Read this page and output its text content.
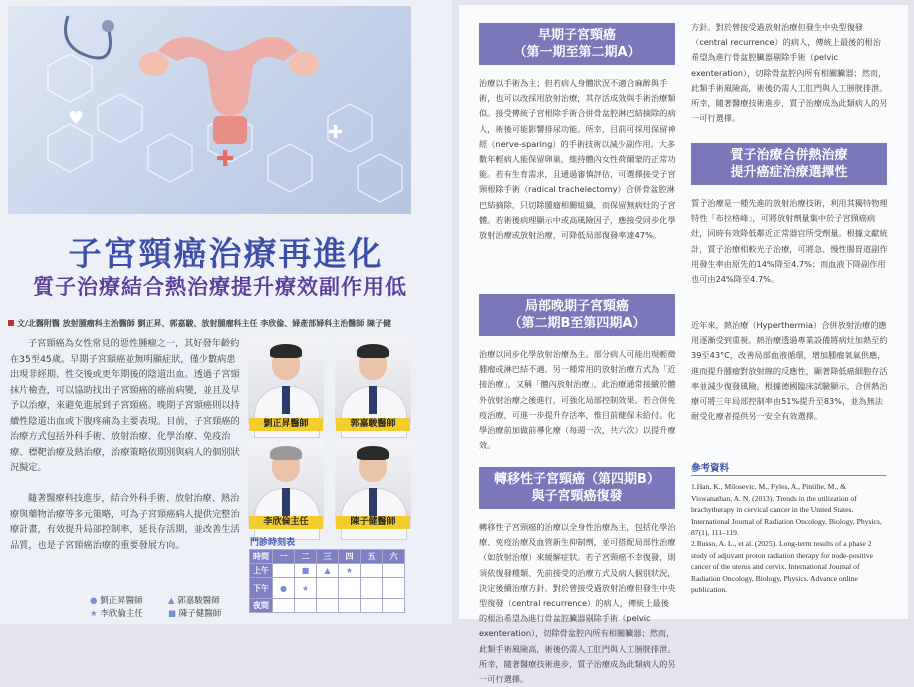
✚
♥
✚
子宮頸癌治療再進化
質子治療結合熱治療提升療效副作用低
文/北醫附醫 放射腫瘤科主治醫師 劉正昇、郭嘉駿、放射腫瘤科主任 李欣倫、婦產部婦科主治醫師 陳子健

子宮頸癌為女性常見的惡性腫瘤之一，其好發年齡約在35至45歲。早期子宮頸癌並無明顯症狀，僅少數病患出現非經期、性交後或更年期後的陰道出血。透過子宮頸抹片檢查，可以協助找出子宮頸癌的癌前病變，並且及早予以治療，來避免進展到子宮頸癌。晚期子宮頸癌則以持續性陰道出血或下腹疼痛為主要表現。目前，子宮頸癌的治療方式包括外科手術、放射治療、化學治療、免疫治療、標靶治療及熱治療，治療策略依期別與病人的個別狀況擬定。

隨著醫療科技進步，結合外科手術、放射治療、熱治療與藥物治療等多元策略，可為子宮頸癌病人提供完整治療計畫，有效提升局部控制率，延長存活期，並改善生活品質，也是子宮頸癌治療的重要發展方向。

劉正昇醫師	郭嘉駿醫師
李欣倫主任	陳子健醫師
門診時刻表
時間	一	二	三	四	五	六
上午		■	▲	★		
下午	●	★				
夜間						
● 劉正昇醫師	▲ 郭嘉駿醫師
★ 李欣倫主任	■ 陳子健醫師
早期子宮頸癌
（第一期至第二期A）

治療以手術為主；但若病人身體狀況不適合麻醉與手術，也可以改採用放射治療，其存活成效與手術治療類似。接受傳統子宮根除手術合併骨盆腔淋巴結摘除的病人，術後可能影響排尿功能。所幸，目前可採用保留神經（nerve-sparing）的手術技術以減少副作用。大多數年輕病人能保留卵巢，維持體內女性荷爾蒙的正常功能。若有生育需求，且通過審慎評估，可選擇接受子宮頸根除手術（radical trachelectomy）合併骨盆腔淋巴結摘除，只切除腫瘤相關組織，而保留無病灶的子宮體。若術後病理顯示中或高風險因子，應接受同步化學放射治療或放射治療，可降低局部復發率達47%。

局部晚期子宮頸癌
（第二期B至第四期A）

治療以同步化學放射治療為主。部分病人可能出現輕微腫瘤或淋巴結不適。另一種常用的放射治療方式為「近接治療」，又稱「體內放射治療」，此治療通常接續於體外放射治療之後進行，可強化局部控制效果。若合併免疫治療，可進一步提升存活率，惟目前健保未給付。化學治療前加做前導化療（每週一次，共六次）以提升療效。

轉移性子宮頸癌（第四期B）
與子宮頸癌復發

轉移性子宮頸癌的治療以全身性治療為主，包括化學治療、免疫治療及血管新生抑制劑，並可搭配局部性治療（如放射治療）來緩解症狀。若子宮頸癌不幸復發，則須依復發種類、先前接受的治療方式及病人個別狀況，決定後續治療方針。對於曾接受過放射治療但發生中央型復發（central recurrence）的病人，傳統上最後的根治希望為進行骨盆腔臟器剔除手術（pelvic exenteration），切除骨盆腔內所有相關臟器；然而，此類手術風險高，術後仍需人工肛門與人工膀胱排泄。所幸，隨著醫療技術進步，質子治療成為此類病人的另一可行選擇。

方針。對於曾接受過放射治療但發生中央型復發（central recurrence）的病人，傳統上最後的根治希望為進行骨盆腔臟器剔除手術（pelvic exenteration），切除骨盆腔內所有相關臟器；然而，此類手術風險高，術後仍需人工肛門與人工膀胱排泄。所幸，隨著醫療技術進步，質子治療成為此類病人的另一可行選擇。

質子治療合併熱治療
提升癌症治療選擇性

質子治療是一種先進的放射治療技術，利用其獨特物理特性「布拉格峰」，可將放射劑量集中於子宮頸癌病灶，同時有效降低鄰近正常器官所受劑量。根據文獻統計，質子治療相較光子治療，可將急、慢性腸胃道副作用發生率由原先的14%降至4.7%；而血液下降副作用也可由24%降至4.7%。

近年來，熱治療（Hyperthermia）合併放射治療的應用逐漸受到重視。熱治療透過專業設備將病灶加熱至約39至43°C，改善局部血液循環，增加腫瘤氧氣供應，進而提升腫瘤對放射線的反應性，顯著降低癌細胞存活率並減少復發風險。根據德國臨床試驗顯示，合併熱治療可將三年局部控制率由51%提升至83%，並為無法耐受化療者提供另一安全有效選擇。

參考資料

1.Han, K., Milosevic, M., Fyles, A., Pintilie, M., & Viswanathan, A. N. (2013). Trends in the utilization of brachytherapy in cervical cancer in the United States. International Journal of Radiation Oncology, Biology, Physics, 87(1), 111–119.

2.Russo, A. L., et al. (2025). Long-term results of a phase 2 study of adjuvant proton radiation therapy for node-positive cancer of the uterus and cervix. International Journal of Radiation Oncology, Biology, Physics. Advance online publication.
